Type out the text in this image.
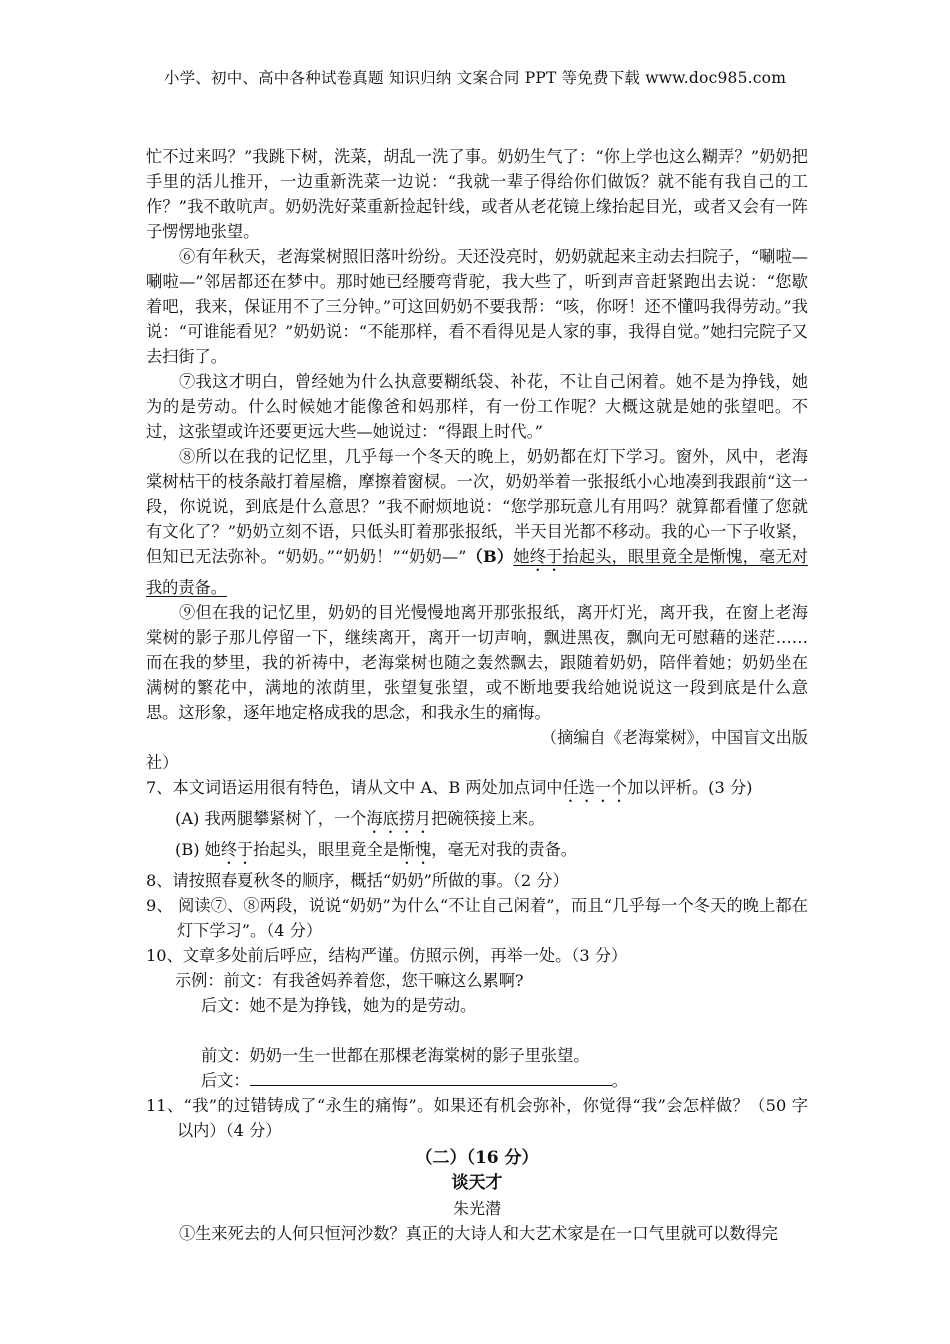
小学、初中、高中各种试卷真题 知识归纳 文案合同 PPT 等免费下载 www.doc985.com

忙不过来吗？”我跳下树，洗菜，胡乱一洗了事。奶奶生气了：“你上学也这么糊弄？”奶奶把手里的活儿推开，一边重新洗菜一边说：“我就一辈子得给你们做饭？就不能有我自己的工作？”我不敢吭声。奶奶洗好菜重新捡起针线，或者从老花镜上缘抬起目光，或者又会有一阵子愣愣地张望。

⑥有年秋天，老海棠树照旧落叶纷纷。天还没亮时，奶奶就起来主动去扫院子，“唰啦—唰啦—”邻居都还在梦中。那时她已经腰弯背驼，我大些了，听到声音赶紧跑出去说：“您歇着吧，我来，保证用不了三分钟。”可这回奶奶不要我帮：“咳，你呀！还不懂吗我得劳动。”我说：“可谁能看见？”奶奶说：“不能那样，看不看得见是人家的事，我得自觉。”她扫完院子又去扫街了。

⑦我这才明白，曾经她为什么执意要糊纸袋、补花，不让自己闲着。她不是为挣钱，她为的是劳动。什么时候她才能像爸和妈那样，有一份工作呢？大概这就是她的张望吧。不过，这张望或许还要更远大些—她说过：“得跟上时代。”

⑧所以在我的记忆里，几乎每一个冬天的晚上，奶奶都在灯下学习。窗外，风中，老海棠树枯干的枝条敲打着屋檐，摩擦着窗棂。一次，奶奶举着一张报纸小心地凑到我跟前“这一段，你说说，到底是什么意思？”我不耐烦地说：“您学那玩意儿有用吗？就算都看懂了您就有文化了？”奶奶立刻不语，只低头盯着那张报纸，半天目光都不移动。我的心一下子收紧，但知已无法弥补。“奶奶。”“奶奶！”“奶奶—”（B）她终于抬起头，眼里竟全是惭愧，毫无对我的责备。

⑨但在我的记忆里，奶奶的目光慢慢地离开那张报纸，离开灯光，离开我，在窗上老海棠树的影子那儿停留一下，继续离开，离开一切声响，飘进黑夜，飘向无可慰藉的迷茫……而在我的梦里，我的祈祷中，老海棠树也随之轰然飘去，跟随着奶奶，陪伴着她；奶奶坐在满树的繁花中，满地的浓荫里，张望复张望，或不断地要我给她说说这一段到底是什么意思。这形象，逐年地定格成我的思念，和我永生的痛悔。

（摘编自《老海棠树》，中国盲文出版

社）

7、本文词语运用很有特色，请从文中 A、B 两处加点词中任选一个加以评析。(3 分)

(A) 我两腿攀紧树丫，一个海底捞月把碗筷接上来。

(B) 她终于抬起头，眼里竟全是惭愧，毫无对我的责备。

8、请按照春夏秋冬的顺序，概括“奶奶”所做的事。（2 分）

9、 阅读⑦、⑧两段，说说“奶奶”为什么“不让自己闲着”，而且“几乎每一个冬天的晚上都在灯下学习”。（4 分）

10、文章多处前后呼应，结构严谨。仿照示例，再举一处。（3 分）

示例：前文：有我爸妈养着您，您干嘛这么累啊?

后文：她不是为挣钱，她为的是劳动。

前文：奶奶一生一世都在那棵老海棠树的影子里张望。

后文：	。

11、“我”的过错铸成了“永生的痛悔”。如果还有机会弥补，你觉得“我”会怎样做？（50 字以内）（4 分）

（二）（16 分）
谈天才
朱光潜

①生来死去的人何只恒河沙数？真正的大诗人和大艺术家是在一口气里就可以数得完
